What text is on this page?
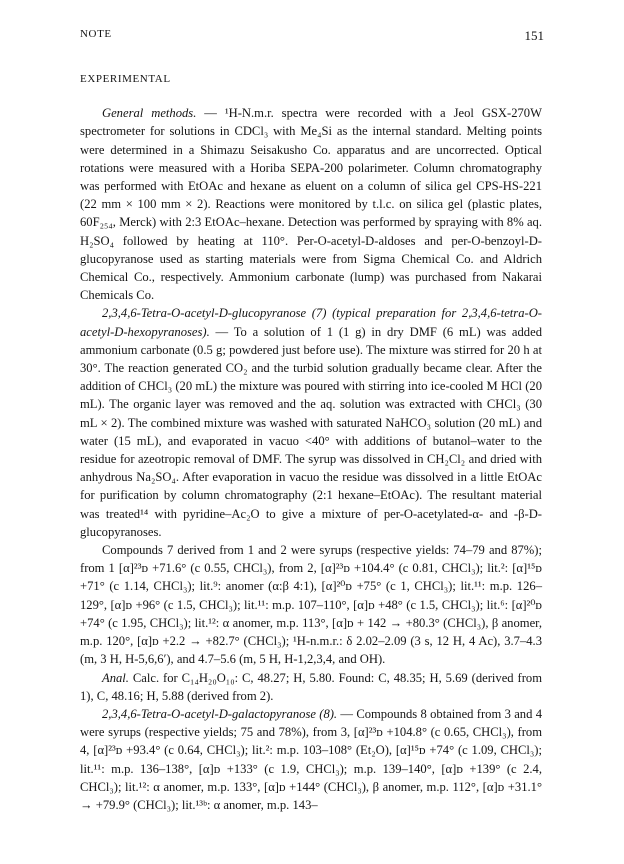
NOTE	151
EXPERIMENTAL

General methods. — ¹H-N.m.r. spectra were recorded with a Jeol GSX-270W spectrometer for solutions in CDCl₃ with Me₄Si as the internal standard. Melting points were determined in a Shimazu Seisakusho Co. apparatus and are uncorrected. Optical rotations were measured with a Horiba SEPA-200 polarimeter. Column chromatography was performed with EtOAc and hexane as eluent on a column of silica gel CPS-HS-221 (22 mm × 100 mm × 2). Reactions were monitored by t.l.c. on silica gel (plastic plates, 60F₂₅₄, Merck) with 2:3 EtOAc–hexane. Detection was performed by spraying with 8% aq. H₂SO₄ followed by heating at 110°. Per-O-acetyl-D-aldoses and per-O-benzoyl-D-glucopyranose used as starting materials were from Sigma Chemical Co. and Aldrich Chemical Co., respectively. Ammonium carbonate (lump) was purchased from Nakarai Chemicals Co.

2,3,4,6-Tetra-O-acetyl-D-glucopyranose (7) (typical preparation for 2,3,4,6-tetra-O-acetyl-D-hexopyranoses). — To a solution of 1 (1 g) in dry DMF (6 mL) was added ammonium carbonate (0.5 g; powdered just before use). The mixture was stirred for 20 h at 30°. The reaction generated CO₂ and the turbid solution gradually became clear. After the addition of CHCl₃ (20 mL) the mixture was poured with stirring into ice-cooled M HCl (20 mL). The organic layer was removed and the aq. solution was extracted with CHCl₃ (30 mL × 2). The combined mixture was washed with saturated NaHCO₃ solution (20 mL) and water (15 mL), and evaporated in vacuo <40° with additions of butanol–water to the residue for azeotropic removal of DMF. The syrup was dissolved in CH₂Cl₂ and dried with anhydrous Na₂SO₄. After evaporation in vacuo the residue was dissolved in a little EtOAc for purification by column chromatography (2:1 hexane–EtOAc). The resultant material was treated¹⁴ with pyridine–Ac₂O to give a mixture of per-O-acetylated-α- and -β-D-glucopyranoses.

Compounds 7 derived from 1 and 2 were syrups (respective yields: 74–79 and 87%); from 1 [α]²³ᴅ +71.6° (c 0.55, CHCl₃), from 2, [α]²³ᴅ +104.4° (c 0.81, CHCl₃); lit.²: [α]¹⁵ᴅ +71° (c 1.14, CHCl₃); lit.⁹: anomer (α:β 4:1), [α]²⁰ᴅ +75° (c 1, CHCl₃); lit.¹¹: m.p. 126–129°, [α]ᴅ +96° (c 1.5, CHCl₃); lit.¹¹: m.p. 107–110°, [α]ᴅ +48° (c 1.5, CHCl₃); lit.⁶: [α]²⁰ᴅ +74° (c 1.95, CHCl₃); lit.¹²: α anomer, m.p. 113°, [α]ᴅ + 142 → +80.3° (CHCl₃), β anomer, m.p. 120°, [α]ᴅ +2.2 → +82.7° (CHCl₃); ¹H-n.m.r.: δ 2.02–2.09 (3 s, 12 H, 4 Ac), 3.7–4.3 (m, 3 H, H-5,6,6′), and 4.7–5.6 (m, 5 H, H-1,2,3,4, and OH).

Anal. Calc. for C₁₄H₂₀O₁₀: C, 48.27; H, 5.80. Found: C, 48.35; H, 5.69 (derived from 1), C, 48.16; H, 5.88 (derived from 2).

2,3,4,6-Tetra-O-acetyl-D-galactopyranose (8). — Compounds 8 obtained from 3 and 4 were syrups (respective yields; 75 and 78%), from 3, [α]²³ᴅ +104.8° (c 0.65, CHCl₃), from 4, [α]²³ᴅ +93.4° (c 0.64, CHCl₃); lit.²: m.p. 103–108° (Et₂O), [α]¹⁵ᴅ +74° (c 1.09, CHCl₃); lit.¹¹: m.p. 136–138°, [α]ᴅ +133° (c 1.9, CHCl₃); m.p. 139–140°, [α]ᴅ +139° (c 2.4, CHCl₃); lit.¹²: α anomer, m.p. 133°, [α]ᴅ +144° (CHCl₃), β anomer, m.p. 112°, [α]ᴅ +31.1° → +79.9° (CHCl₃); lit.¹³ᵇ: α anomer, m.p. 143–
